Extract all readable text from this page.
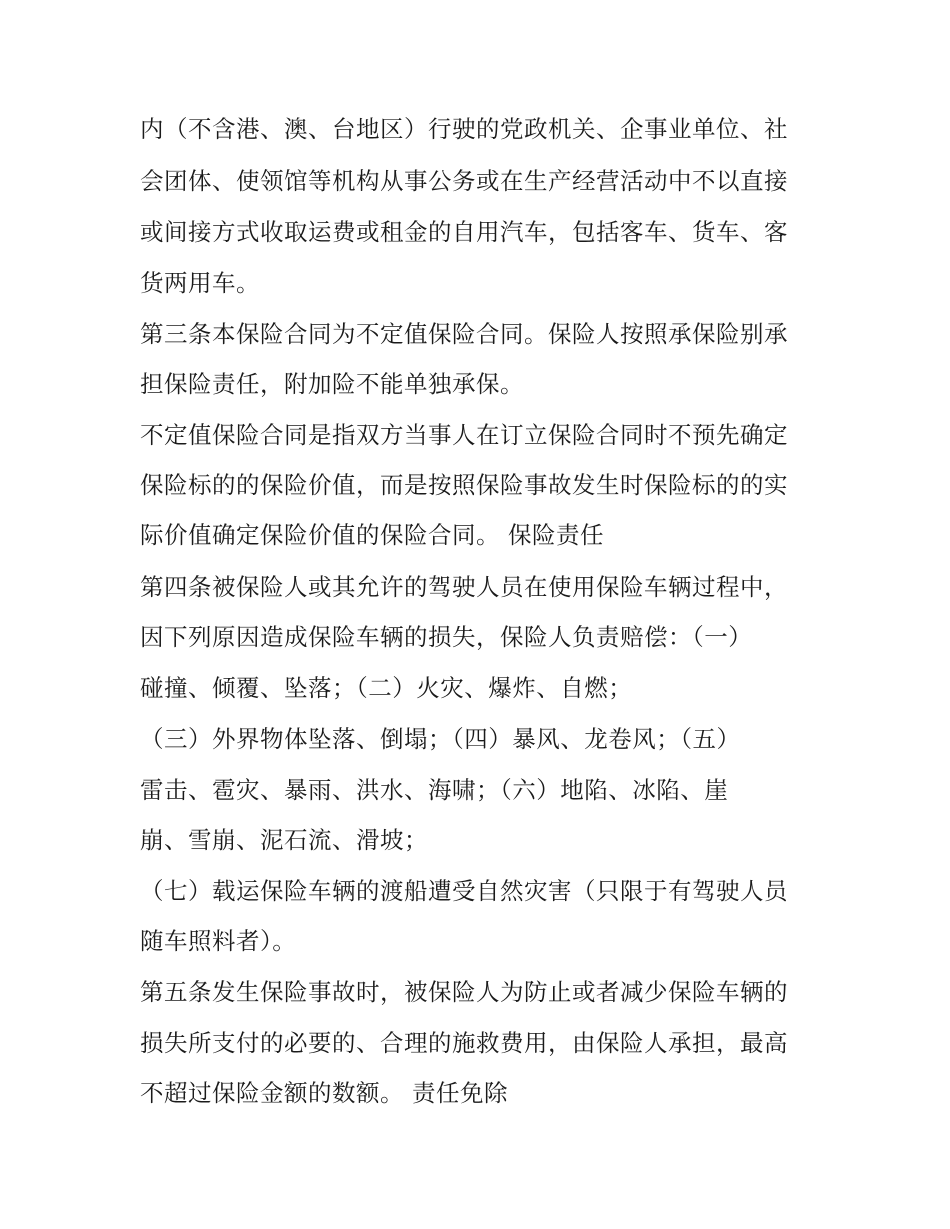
内（不含港、澳、台地区）行驶的党政机关、企事业单位、社
会团体、使领馆等机构从事公务或在生产经营活动中不以直接
或间接方式收取运费或租金的自用汽车，包括客车、货车、客
货两用车。
第三条本保险合同为不定值保险合同。保险人按照承保险别承
担保险责任，附加险不能单独承保。
不定值保险合同是指双方当事人在订立保险合同时不预先确定
保险标的的保险价值，而是按照保险事故发生时保险标的的实
际价值确定保险价值的保险合同。 保险责任
第四条被保险人或其允许的驾驶人员在使用保险车辆过程中，
因下列原因造成保险车辆的损失，保险人负责赔偿：（一）
碰撞、倾覆、坠落；（二）火灾、爆炸、自燃；
（三）外界物体坠落、倒塌；（四）暴风、龙卷风；（五）
雷击、雹灾、暴雨、洪水、海啸；（六）地陷、冰陷、崖
崩、雪崩、泥石流、滑坡；
（七）载运保险车辆的渡船遭受自然灾害（只限于有驾驶人员
随车照料者）。
第五条发生保险事故时，被保险人为防止或者减少保险车辆的
损失所支付的必要的、合理的施救费用，由保险人承担，最高
不超过保险金额的数额。 责任免除
